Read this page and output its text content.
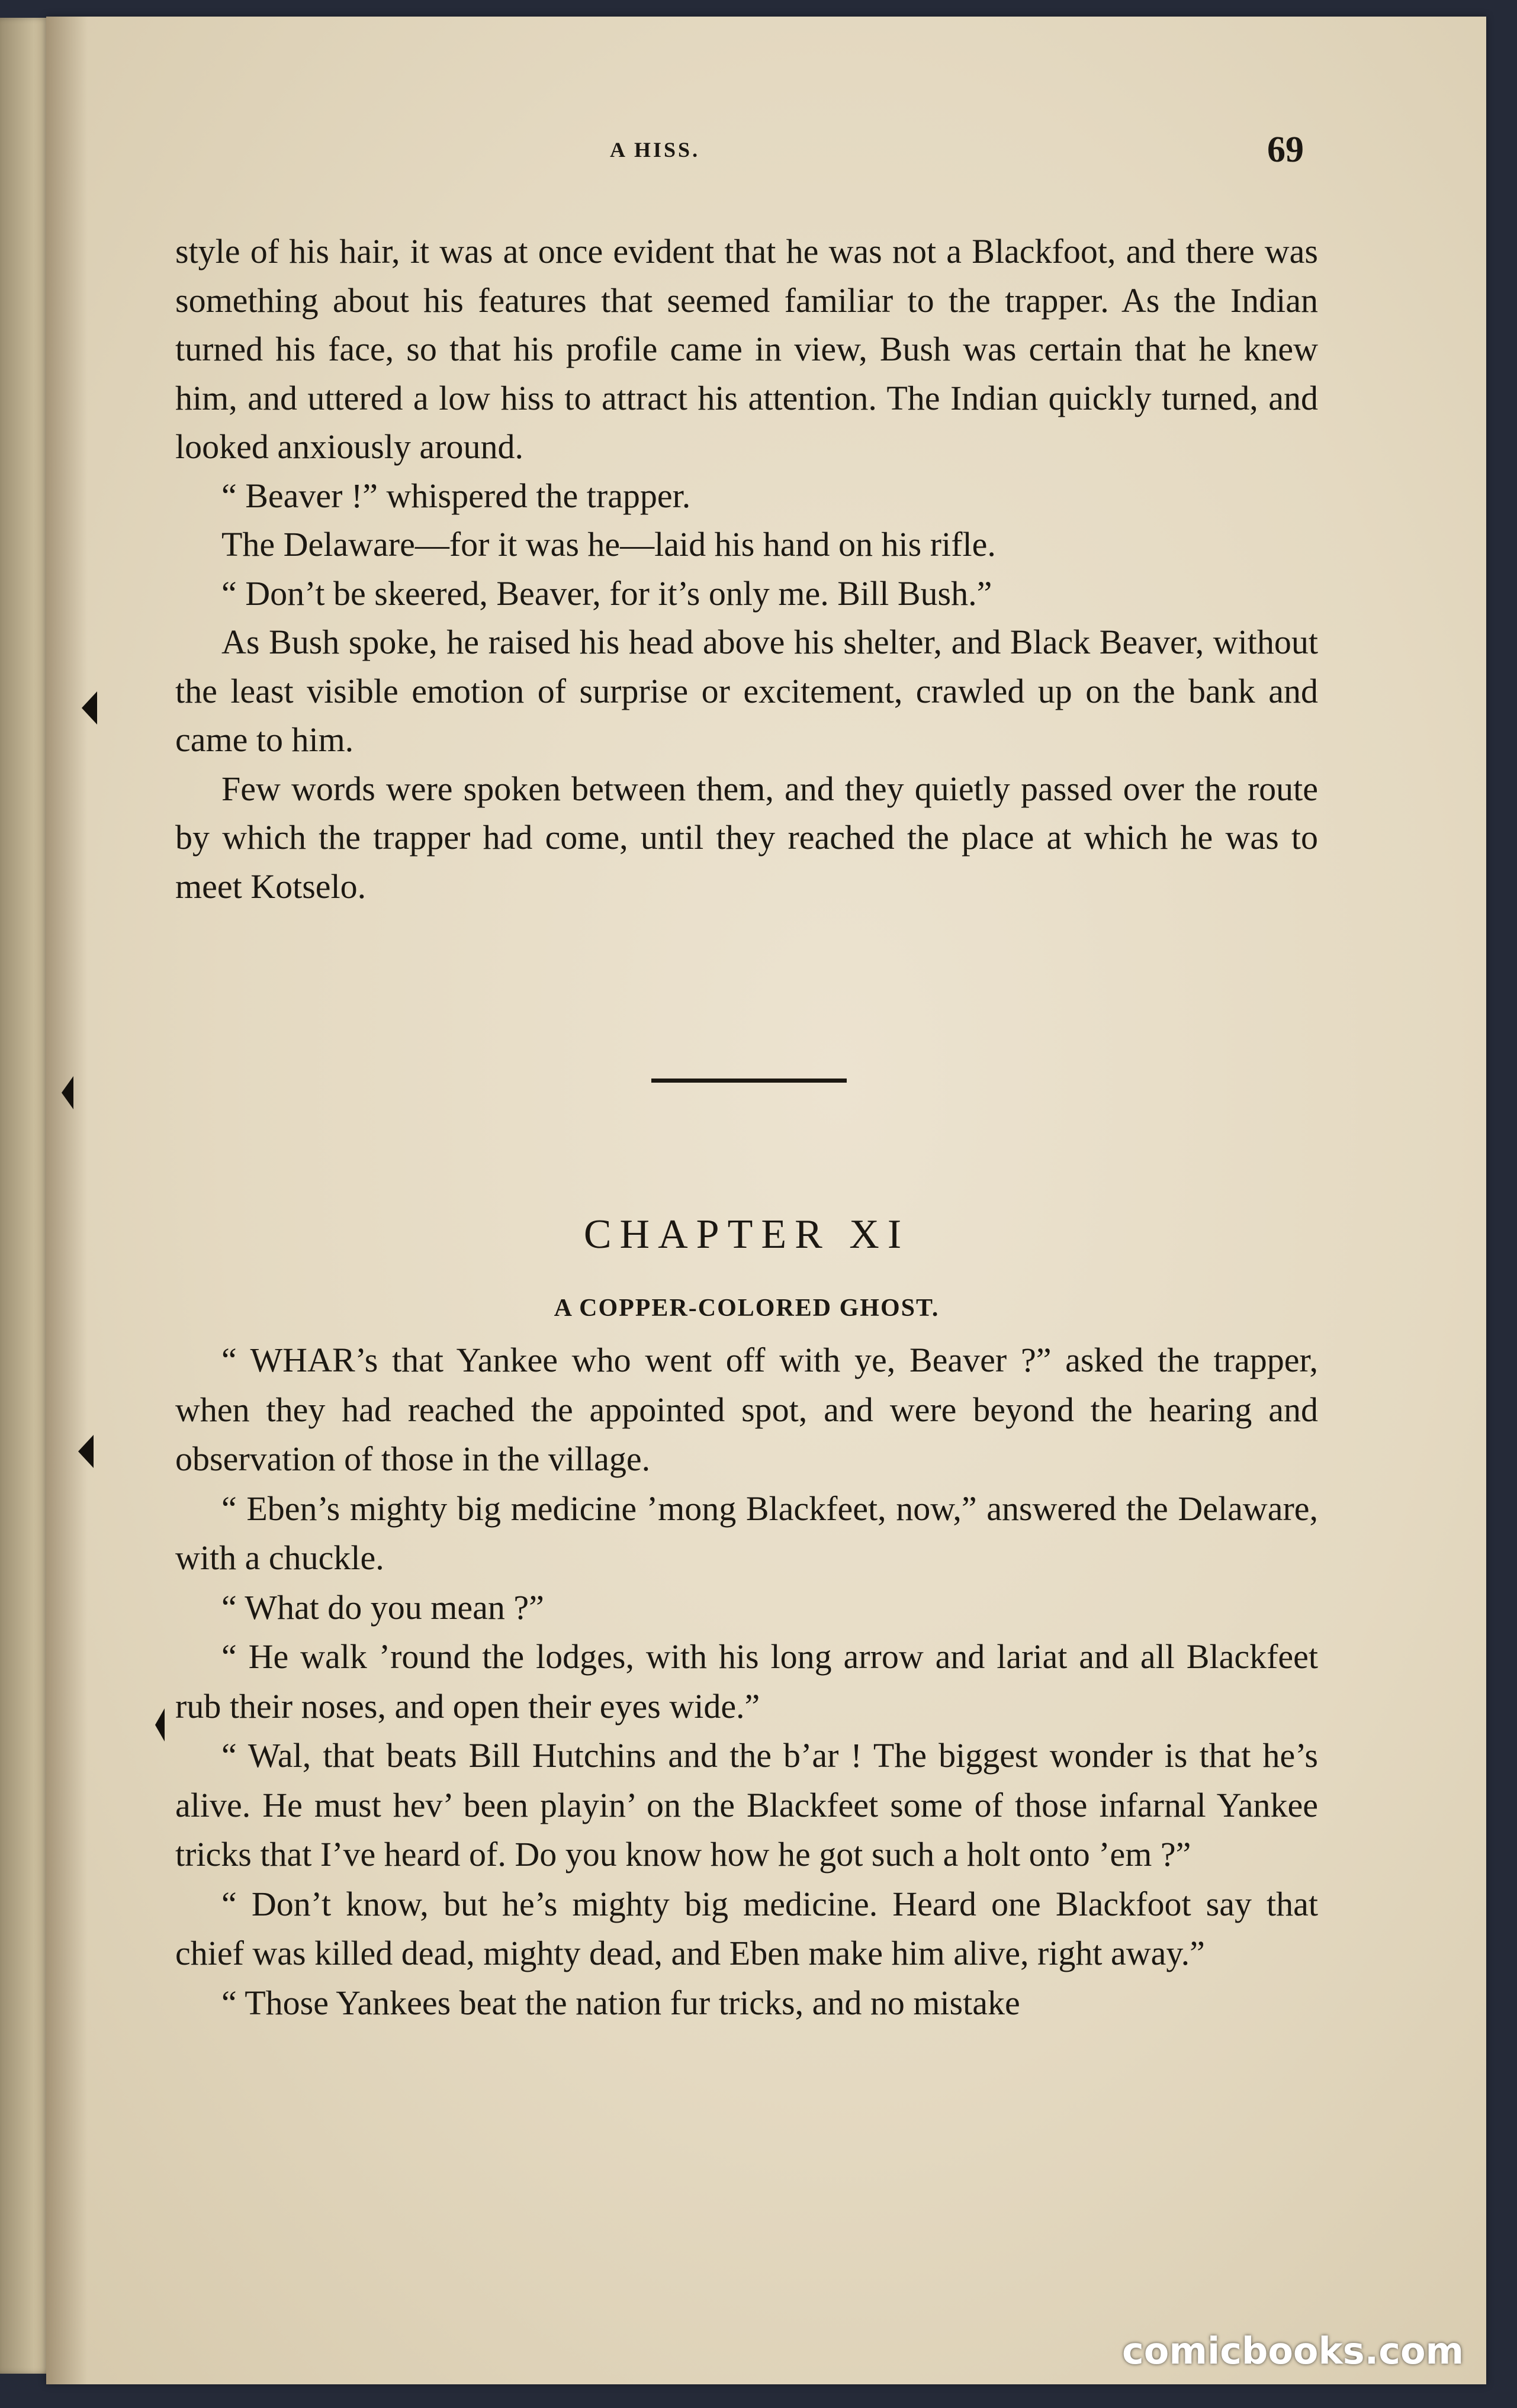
A HISS.	69

style of his hair, it was at once evident that he was not a Blackfoot, and there was something about his features that seemed familiar to the trapper. As the Indian turned his face, so that his profile came in view, Bush was certain that he knew him, and uttered a low hiss to attract his attention. The Indian quickly turned, and looked anxiously around.

“ Beaver !” whispered the trapper.

The Delaware—for it was he—laid his hand on his rifle.

“ Don’t be skeered, Beaver, for it’s only me. Bill Bush.”

As Bush spoke, he raised his head above his shelter, and Black Beaver, without the least visible emotion of surprise or excitement, crawled up on the bank and came to him.

Few words were spoken between them, and they quietly passed over the route by which the trapper had come, until they reached the place at which he was to meet Kotselo.

CHAPTER XI
A COPPER-COLORED GHOST.

“ WHAR’s that Yankee who went off with ye, Beaver ?” asked the trapper, when they had reached the appointed spot, and were beyond the hearing and observation of those in the village.

“ Eben’s mighty big medicine ’mong Blackfeet, now,” answered the Delaware, with a chuckle.

“ What do you mean ?”

“ He walk ’round the lodges, with his long arrow and lariat and all Blackfeet rub their noses, and open their eyes wide.”

“ Wal, that beats Bill Hutchins and the b’ar ! The biggest wonder is that he’s alive. He must hev’ been playin’ on the Blackfeet some of those infarnal Yankee tricks that I’ve heard of. Do you know how he got such a holt onto ’em ?”

“ Don’t know, but he’s mighty big medicine. Heard one Blackfoot say that chief was killed dead, mighty dead, and Eben make him alive, right away.”

“ Those Yankees beat the nation fur tricks, and no mistake

comicbooks.com
